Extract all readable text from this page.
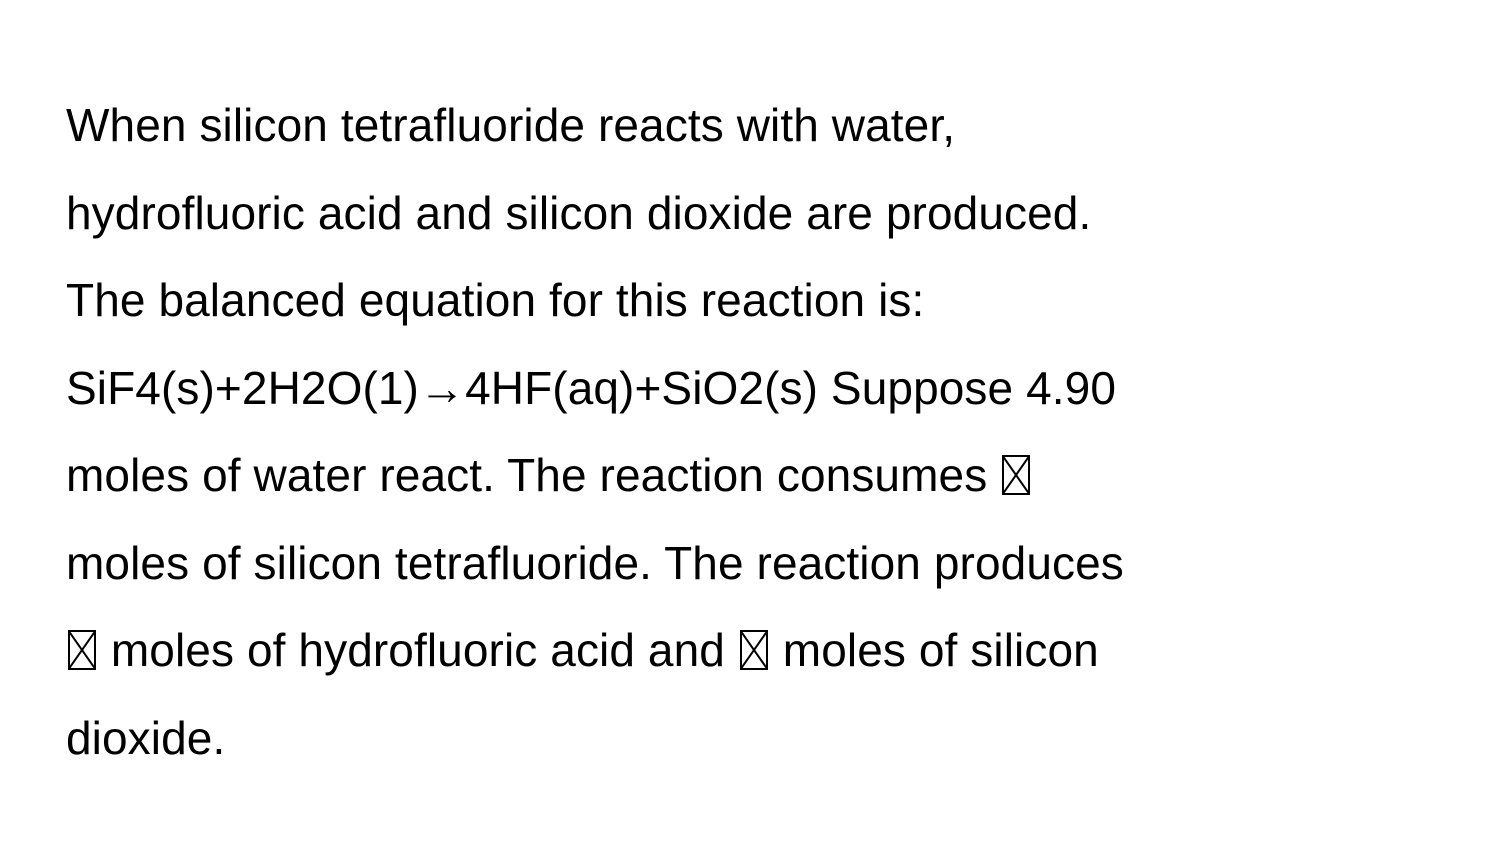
When silicon tetrafluoride reacts with water,
hydrofluoric acid and silicon dioxide are produced.
The balanced equation for this reaction is:
SiF4(s)+2H2O(1)→4HF(aq)+SiO2(s) Suppose 4.90
moles of water react. The reaction consumes
moles of silicon tetrafluoride. The reaction produces
moles of hydrofluoric acid and moles of silicon
dioxide.
